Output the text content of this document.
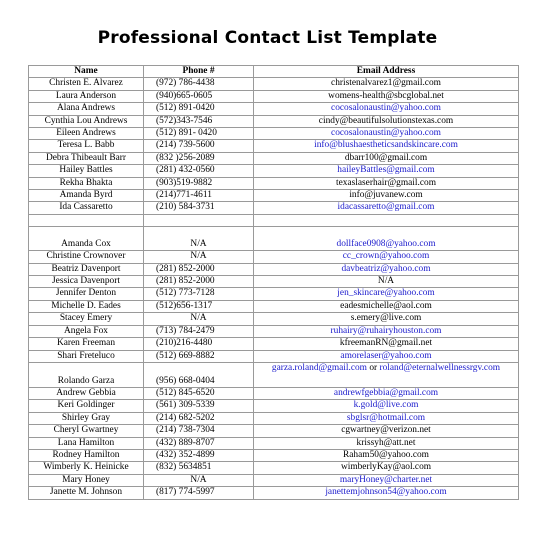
Professional Contact List Template
Name	Phone #	Email Address
Christen E. Alvarez	(972) 786-4438	christenalvarez1@gmail.com
Laura Anderson	(940)665-0605	womens-health@sbcglobal.net
Alana Andrews	(512) 891-0420	cocosalonaustin@yahoo.com
Cynthia Lou Andrews	(572)343-7546	cindy@beautifulsolutionstexas.com
Eileen Andrews	(512) 891- 0420	cocosalonaustin@yahoo.com
Teresa L. Babb	(214) 739-5600	info@blushaestheticsandskincare.com
Debra Thibeault Barr	(832 )256-2089	dbarr100@gmail.com
Hailey Battles	(281) 432-0560	haileyBattles@gmail.com
Rekha Bhakta	(903)519-9882	texaslaserhair@gmail.com
Amanda Byrd	(214)771-4611	info@juvanew.com
Ida Cassaretto	(210) 584-3731	idacassaretto@gmail.com

Amanda Cox	N/A	dollface0908@yahoo.com
Christine Crownover	N/A	cc_crown@yahoo.com
Beatriz Davenport	(281) 852-2000	davbeatriz@yahoo.com
Jessica Davenport	(281) 852-2000	N/A
Jennifer Denton	(512) 773-7128	jen_skincare@yahoo.com
Michelle D. Eades	(512)656-1317	eadesmichelle@aol.com
Stacey Emery	N/A	s.emery@live.com
Angela Fox	(713) 784-2479	ruhairy@ruhairyhouston.com
Karen Freeman	(210)216-4480	kfreemanRN@gmail.net
Shari Freteluco	(512) 669-8882	amorelaser@yahoo.com
Rolando Garza	(956) 668-0404	garza.roland@gmail.com or roland@eternalwellnessrgv.com
Andrew Gebbia	(512) 845-6520	andrewfgebbia@gmail.com
Keri Goldinger	(561) 309-5339	k.gold@live.com
Shirley Gray	(214) 682-5202	sbglsr@hotmail.com
Cheryl Gwartney	(214) 738-7304	cgwartney@verizon.net
Lana Hamilton	(432) 889-8707	krissyh@att.net
Rodney Hamilton	(432) 352-4899	Raham50@yahoo.com
Wimberly K. Heinicke	(832) 5634851	wimberlyKay@aol.com
Mary Honey	N/A	maryHoney@charter.net
Janette M. Johnson	(817) 774-5997	janettemjohnson54@yahoo.com
